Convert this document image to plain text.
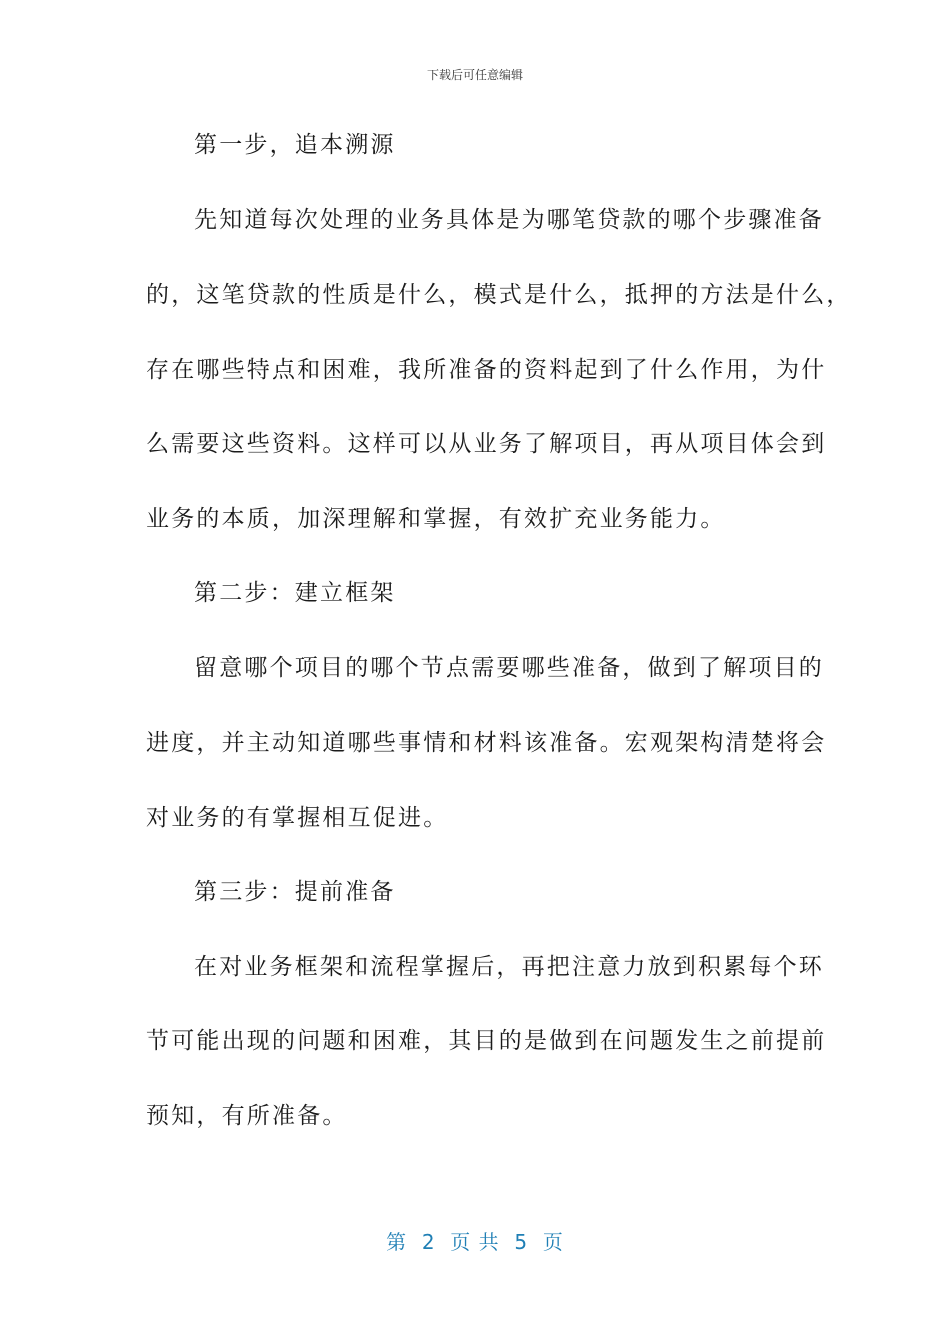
下载后可任意编辑
第一步，追本溯源
先知道每次处理的业务具体是为哪笔贷款的哪个步骤准备
的，这笔贷款的性质是什么，模式是什么，抵押的方法是什么，
存在哪些特点和困难，我所准备的资料起到了什么作用，为什
么需要这些资料。这样可以从业务了解项目，再从项目体会到
业务的本质，加深理解和掌握，有效扩充业务能力。
第二步：建立框架
留意哪个项目的哪个节点需要哪些准备，做到了解项目的
进度，并主动知道哪些事情和材料该准备。宏观架构清楚将会
对业务的有掌握相互促进。
第三步：提前准备
在对业务框架和流程掌握后，再把注意力放到积累每个环
节可能出现的问题和困难，其目的是做到在问题发生之前提前
预知，有所准备。
第  2  页 共  5  页
